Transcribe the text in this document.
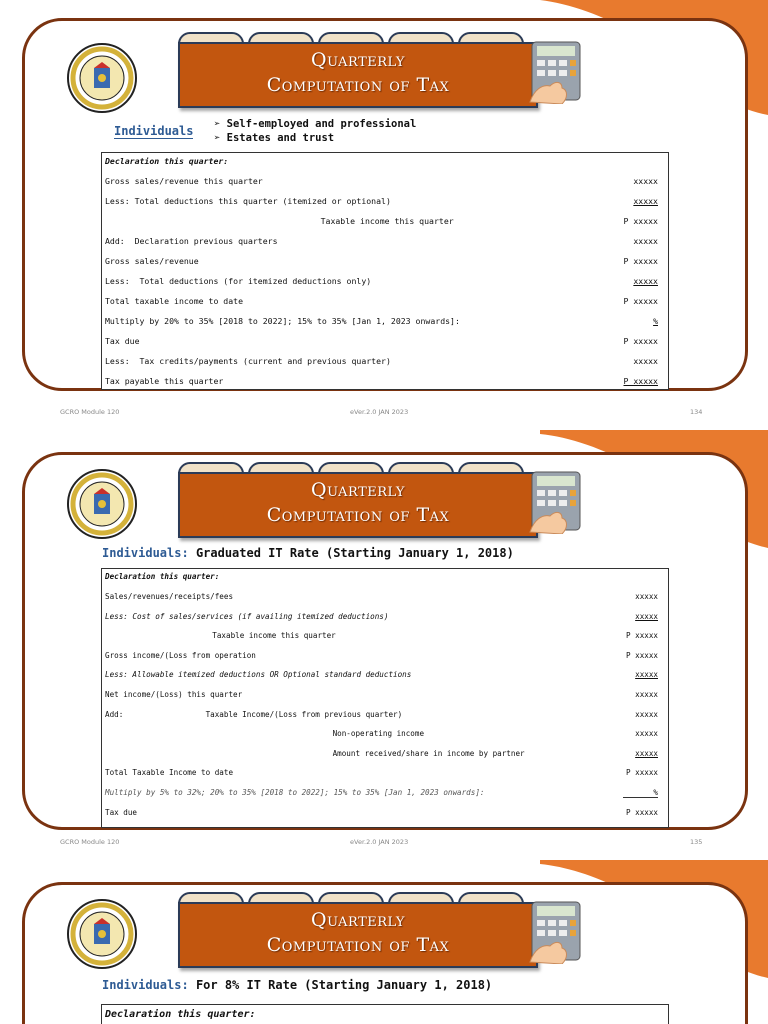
Quarterly
Computation of Tax
Individuals ➢ Self-employed and professional
➢ Estates and trust
Declaration this quarter:
Gross sales/revenue this quarter	xxxxx
Less: Total deductions this quarter (itemized or optional)	xxxxx
Taxable income this quarter	P xxxxx
Add:  Declaration previous quarters	xxxxx
Gross sales/revenue	P xxxxx
Less:  Total deductions (for itemized deductions only)	xxxxx
Total taxable income to date	P xxxxx
Multiply by 20% to 35% [2018 to 2022]; 15% to 35% [Jan 1, 2023 onwards]:	%
Tax due	P xxxxx
Less:  Tax credits/payments (current and previous quarter)	xxxxx
Tax payable this quarter	P xxxxx
GCRO Module 120	eVer.2.0 JAN 2023	134
Quarterly
Computation of Tax
Individuals: Graduated IT Rate (Starting January 1, 2018)
Declaration this quarter:
Sales/revenues/receipts/fees	xxxxx
Less: Cost of sales/services (if availing itemized deductions)	xxxxx
Taxable income this quarter	P xxxxx
Gross income/(Loss from operation	P xxxxx
Less: Allowable itemized deductions OR Optional standard deductions	xxxxx
Net income/(Loss) this quarter	xxxxx
Add:                  Taxable Income/(Loss from previous quarter)	xxxxx
Non-operating income	xxxxx
Amount received/share in income by partner	xxxxx
Total Taxable Income to date	P xxxxx
Multiply by 5% to 32%; 20% to 35% [2018 to 2022]; 15% to 35% [Jan 1, 2023 onwards]:	%
Tax due	P xxxxx
GCRO Module 120	eVer.2.0 JAN 2023	135
Quarterly
Computation of Tax
Individuals: For 8% IT Rate (Starting January 1, 2018)
Declaration this quarter:
